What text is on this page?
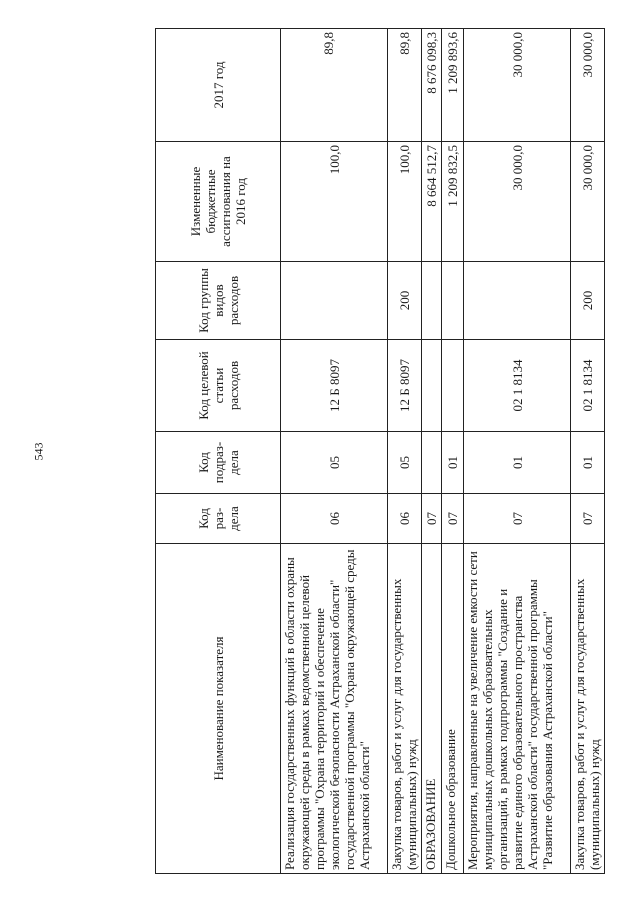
543
Наименование показателя	Код раз-дела	Код подраз-дела	Код целевой статьи расходов	Код группы видов расходов	Измененные бюджетные ассигнования на 2016 год	2017 год
Реализация государственных функций в области охраны окружающей среды в рамках ведомственной целевой программы "Охрана территорий и обеспечение экологической безопасности Астраханской области" государственной программы "Охрана окружающей среды Астраханской области"	06	05	12 Б 8097		100,0	89,8
Закупка товаров, работ и услуг для государственных (муниципальных) нужд	06	05	12 Б 8097	200	100,0	89,8
ОБРАЗОВАНИЕ	07				8 664 512,7	8 676 098,3
Дошкольное образование	07	01			1 209 832,5	1 209 893,6
Мероприятия, направленные на увеличение емкости сети муниципальных дошкольных образовательных организаций, в рамках подпрограммы "Создание и развитие единого образовательного пространства Астраханской области" государственной программы "Развитие образования Астраханской области"	07	01	02 1 8134		30 000,0	30 000,0
Закупка товаров, работ и услуг для государственных (муниципальных) нужд	07	01	02 1 8134	200	30 000,0	30 000,0
